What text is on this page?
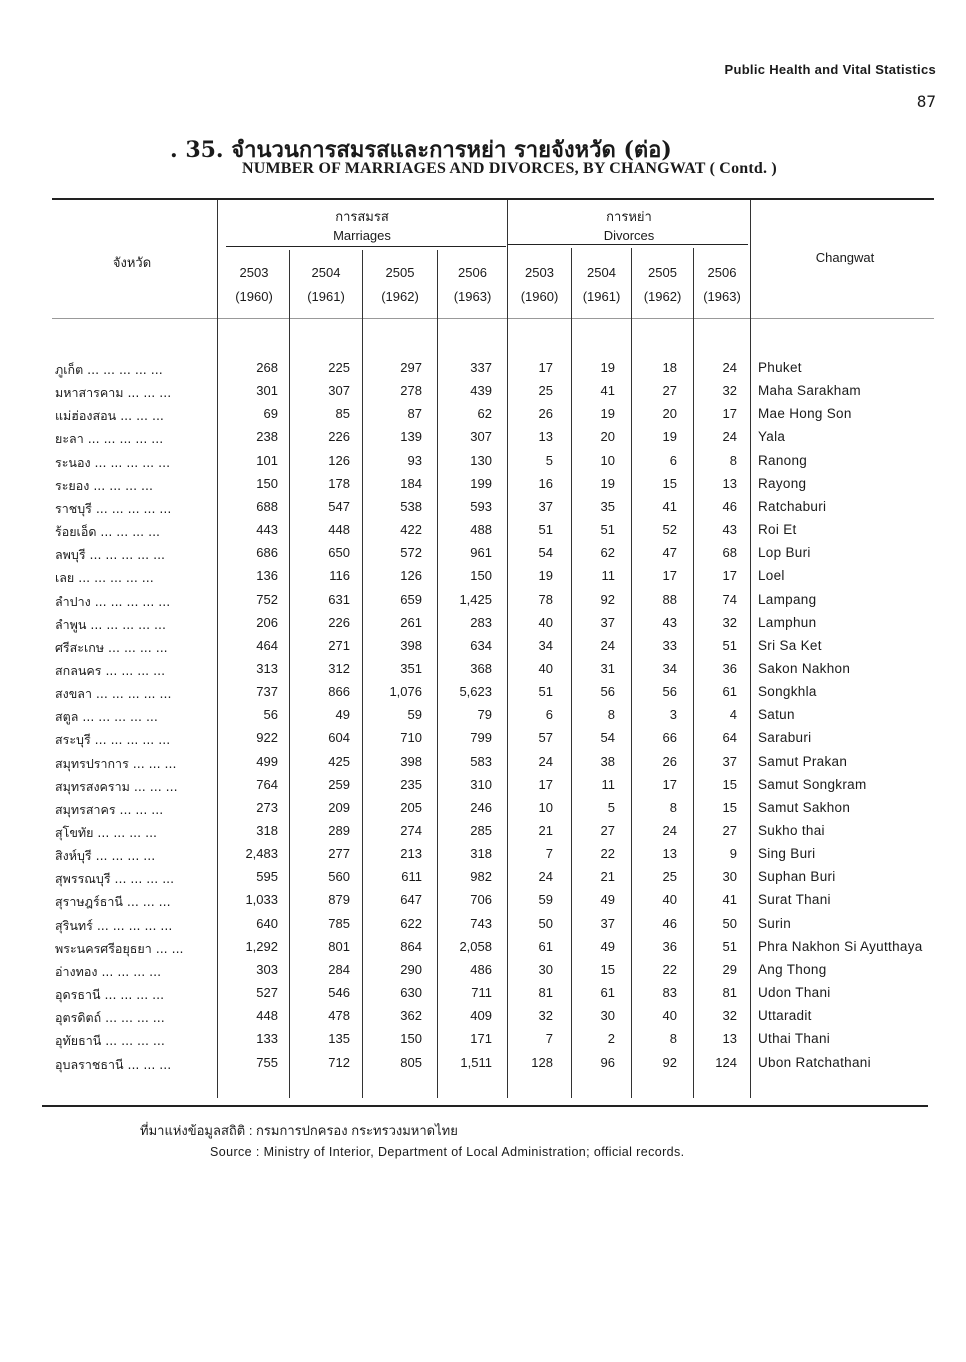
Public Health and Vital Statistics
87
. 35. จำนวนการสมรสและการหย่า รายจังหวัด (ต่อ)
NUMBER OF MARRIAGES AND DIVORCES, BY CHANGWAT ( Contd. )
จังหวัด
การสมรส
Marriages
การหย่า
Divorces
Changwat
2503	2504	2505	2506	2503	2504	2505	2506
(1960)	(1961)	(1962)	(1963)	(1960)	(1961)	(1962)	(1963)
ภูเก็ต ... ... ... ... ...	268	225	297	337	17	19	18	24 Phuket
มหาสารคาม ... ... ...	301	307	278	439	25	41	27	32 Maha Sarakham
แม่ฮ่องสอน ... ... ...	69	85	87	62	26	19	20	17 Mae Hong Son
ยะลา ... ... ... ... ...	238	226	139	307	13	20	19	24 Yala
ระนอง ... ... ... ... ...	101	126	93	130	5	10	6	8 Ranong
ระยอง ... ... ... ...	150	178	184	199	16	19	15	13 Rayong
ราชบุรี ... ... ... ... ...	688	547	538	593	37	35	41	46 Ratchaburi
ร้อยเอ็ด ... ... ... ...	443	448	422	488	51	51	52	43 Roi Et
ลพบุรี ... ... ... ... ...	686	650	572	961	54	62	47	68 Lop Buri
เลย ... ... ... ... ...	136	116	126	150	19	11	17	17 Loel
ลำปาง ... ... ... ... ...	752	631	659	1,425	78	92	88	74 Lampang
ลำพูน ... ... ... ... ...	206	226	261	283	40	37	43	32 Lamphun
ศรีสะเกษ ... ... ... ...	464	271	398	634	34	24	33	51 Sri Sa Ket
สกลนคร ... ... ... ...	313	312	351	368	40	31	34	36 Sakon Nakhon
สงขลา ... ... ... ... ...	737	866	1,076	5,623	51	56	56	61 Songkhla
สตูล ... ... ... ... ...	56	49	59	79	6	8	3	4 Satun
สระบุรี ... ... ... ... ...	922	604	710	799	57	54	66	64 Saraburi
สมุทรปราการ ... ... ...	499	425	398	583	24	38	26	37 Samut Prakan
สมุทรสงคราม ... ... ...	764	259	235	310	17	11	17	15 Samut Songkram
สมุทรสาคร ... ... ...	273	209	205	246	10	5	8	15 Samut Sakhon
สุโขทัย ... ... ... ...	318	289	274	285	21	27	24	27 Sukho thai
สิงห์บุรี ... ... ... ...	2,483	277	213	318	7	22	13	9 Sing Buri
สุพรรณบุรี ... ... ... ...	595	560	611	982	24	21	25	30 Suphan Buri
สุราษฎร์ธานี ... ... ...	1,033	879	647	706	59	49	40	41 Surat Thani
สุรินทร์ ... ... ... ... ...	640	785	622	743	50	37	46	50 Surin
พระนครศรีอยุธยา ... ...	1,292	801	864	2,058	61	49	36	51 Phra Nakhon Si Ayutthaya
อ่างทอง ... ... ... ...	303	284	290	486	30	15	22	29 Ang Thong
อุดรธานี ... ... ... ...	527	546	630	711	81	61	83	81 Udon Thani
อุตรดิตถ์ ... ... ... ...	448	478	362	409	32	30	40	32 Uttaradit
อุทัยธานี ... ... ... ...	133	135	150	171	7	2	8	13 Uthai Thani
อุบลราชธานี ... ... ...	755	712	805	1,511	128	96	92	124 Ubon Ratchathani
ที่มาแห่งข้อมูลสถิติ : กรมการปกครอง กระทรวงมหาดไทย
Source : Ministry of Interior, Department of Local Administration; official records.
